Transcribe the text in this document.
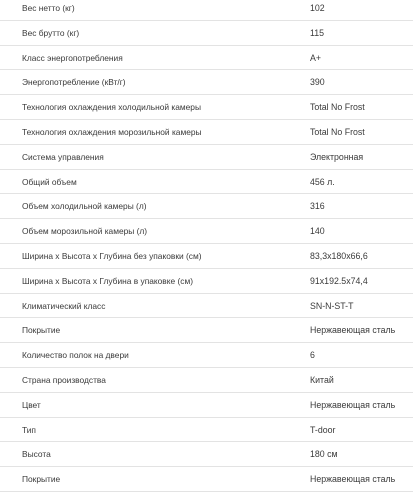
Вес нетто (кг)	102
Вес брутто (кг)	115
Класс энергопотребления	A+
Энергопотребление (кВт/г)	390
Технология охлаждения холодильной камеры	Total No Frost
Технология охлаждения морозильной камеры	Total No Frost
Система управления	Электронная
Общий объем	456 л.
Объем холодильной камеры (л)	316
Объем морозильной камеры (л)	140
Ширина x Высота x Глубина без упаковки (см)	83,3x180x66,6
Ширина x Высота x Глубина в упаковке (см)	91x192.5x74,4
Климатический класс	SN-N-ST-T
Покрытие	Нержавеющая сталь
Количество полок на двери	6
Страна производства	Китай
Цвет	Нержавеющая сталь
Тип	T-door
Высота	180 см
Покрытие	Нержавеющая сталь
